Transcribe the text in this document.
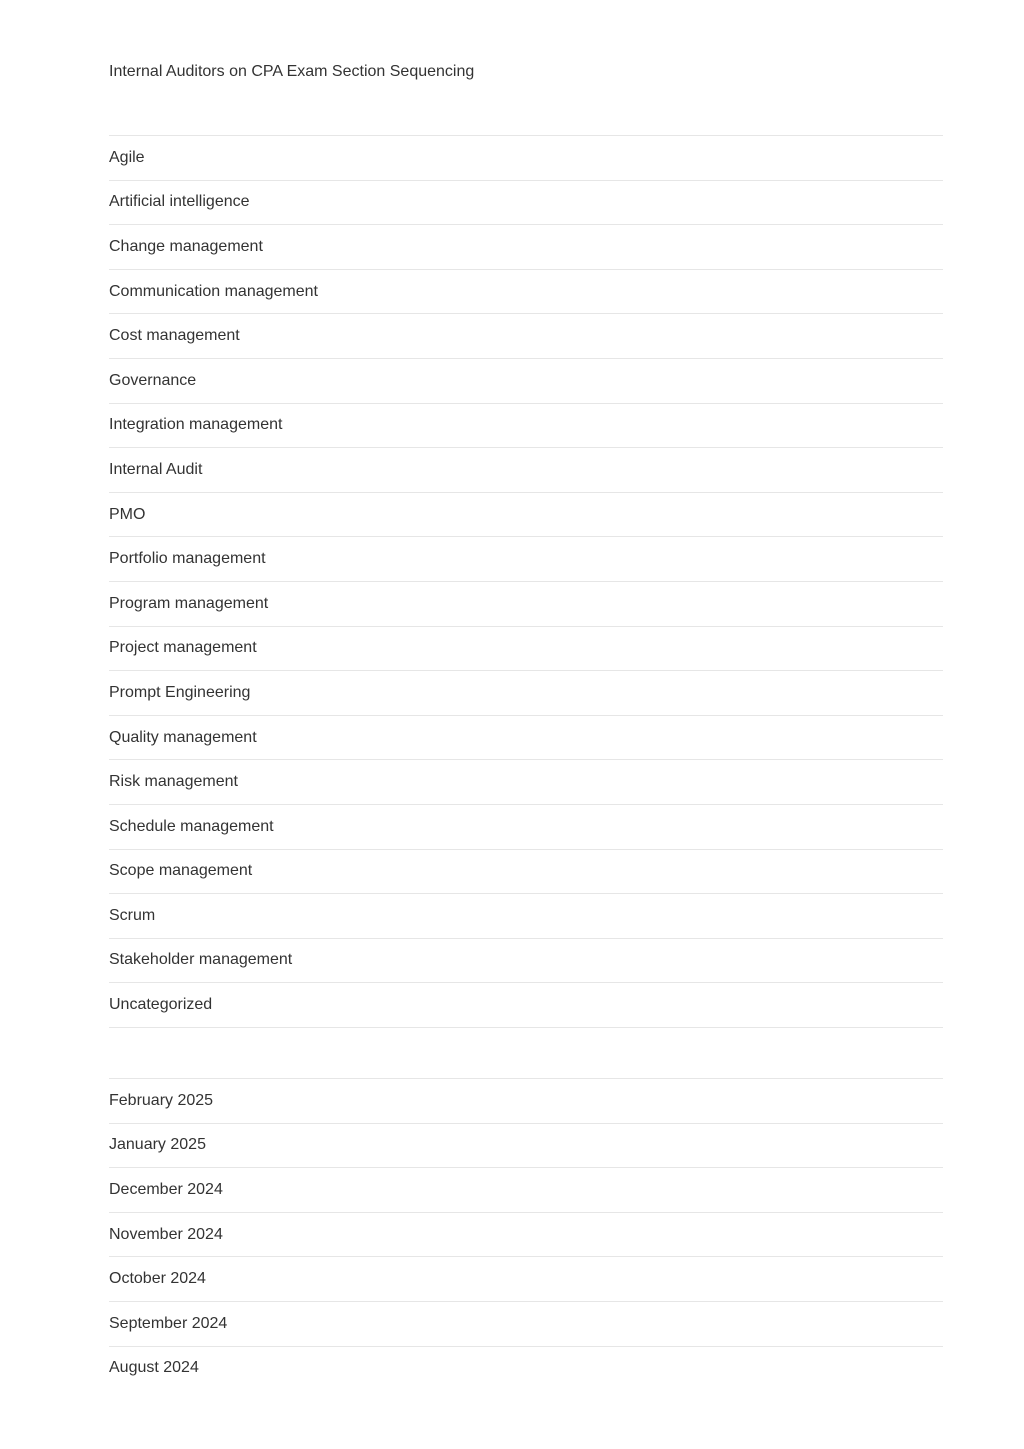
Internal Auditors on CPA Exam Section Sequencing
Agile
Artificial intelligence
Change management
Communication management
Cost management
Governance
Integration management
Internal Audit
PMO
Portfolio management
Program management
Project management
Prompt Engineering
Quality management
Risk management
Schedule management
Scope management
Scrum
Stakeholder management
Uncategorized
February 2025
January 2025
December 2024
November 2024
October 2024
September 2024
August 2024
